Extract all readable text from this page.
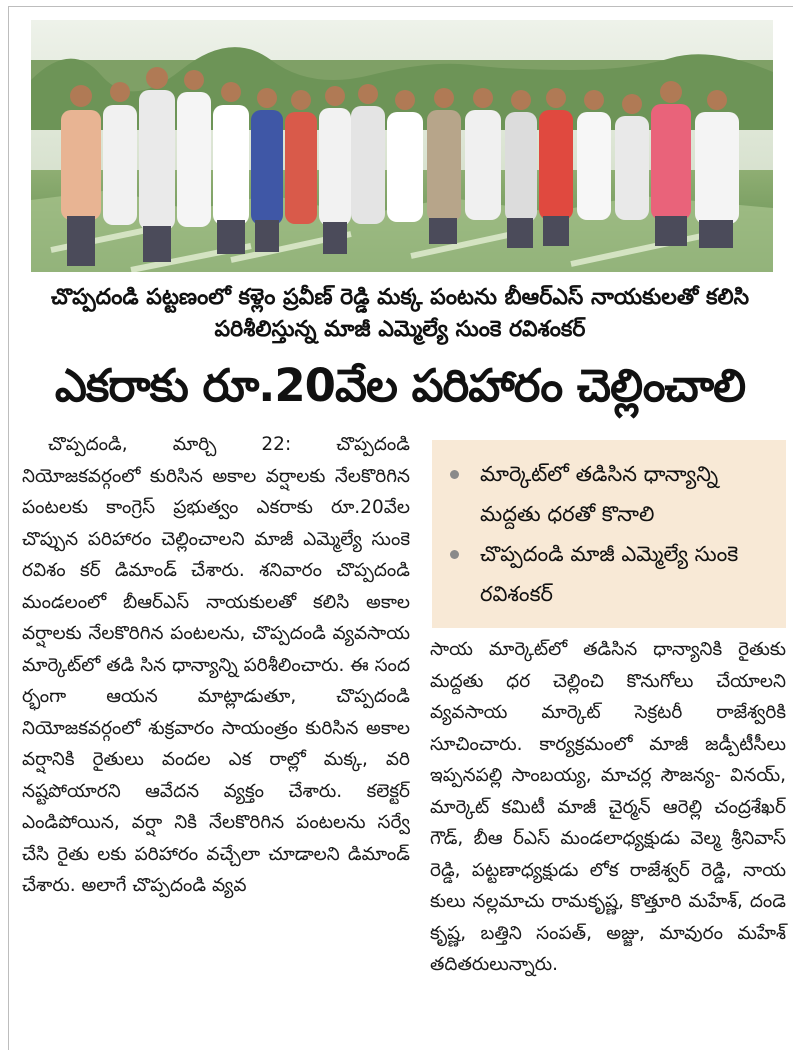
చొప్పదండి పట్టణంలో కళ్లెం ప్రవీణ్ రెడ్డి మక్క పంటను బీఆర్ఎస్ నాయకులతో కలిసి
పరిశీలిస్తున్న మాజీ ఎమ్మెల్యే సుంకె రవిశంకర్
ఎకరాకు రూ.20వేల పరిహారం చెల్లించాలి

చొప్పదండి, మార్చి 22: చొప్పదండి నియోజకవర్గంలో కురిసిన అకాల వర్షాలకు నేలకొరిగిన పంటలకు కాంగ్రెస్ ప్రభుత్వం ఎకరాకు రూ.20వేల చొప్పున పరిహారం చెల్లించాలని మాజీ ఎమ్మెల్యే సుంకె రవిశం కర్ డిమాండ్ చేశారు. శనివారం చొప్పదండి మండలంలో బీఆర్ఎస్ నాయకులతో కలిసి అకాల వర్షాలకు నేలకొరిగిన పంటలను, చొప్పదండి వ్యవసాయ మార్కెట్‌లో తడి సిన ధాన్యాన్ని పరిశీలించారు. ఈ సంద ర్భంగా ఆయన మాట్లాడుతూ, చొప్పదండి నియోజకవర్గంలో శుక్రవారం సాయంత్రం కురిసిన అకాల వర్షానికి రైతులు వందల ఎక రాల్లో మక్క, వరి నష్టపోయారని ఆవేదన వ్యక్తం చేశారు. కలెక్టర్ ఎండిపోయిన, వర్షా నికి నేలకొరిగిన పంటలను సర్వే చేసి రైతు లకు పరిహారం వచ్చేలా చూడాలని డిమాండ్ చేశారు. అలాగే చొప్పదండి వ్యవ

మార్కెట్‌లో తడిసిన ధాన్యాన్ని మద్దతు ధరతో కొనాలి
చొప్పదండి మాజీ ఎమ్మెల్యే సుంకె రవిశంకర్

సాయ మార్కెట్‌లో తడిసిన ధాన్యానికి రైతుకు మద్దతు ధర చెల్లించి కొనుగోలు చేయాలని వ్యవసాయ మార్కెట్ సెక్రటరీ రాజేశ్వరికి సూచించారు. కార్యక్రమంలో మాజీ జడ్పీటీసీలు ఇప్పనపల్లి సాంబయ్య, మాచర్ల సౌజన్య- వినయ్, మార్కెట్ కమిటీ మాజీ చైర్మన్ ఆరెల్లి చంద్రశేఖర్ గౌడ్, బీఆ ర్ఎస్ మండలాధ్యక్షుడు వెల్మ శ్రీనివాస్ రెడ్డి, పట్టణాధ్యక్షుడు లోక రాజేశ్వర్ రెడ్డి, నాయ కులు నల్లమాచు రామకృష్ణ, కొత్తూరి మహేశ్, దండె కృష్ణ, బత్తిని సంపత్, అజ్జు, మావురం మహేశ్ తదితరులున్నారు.
